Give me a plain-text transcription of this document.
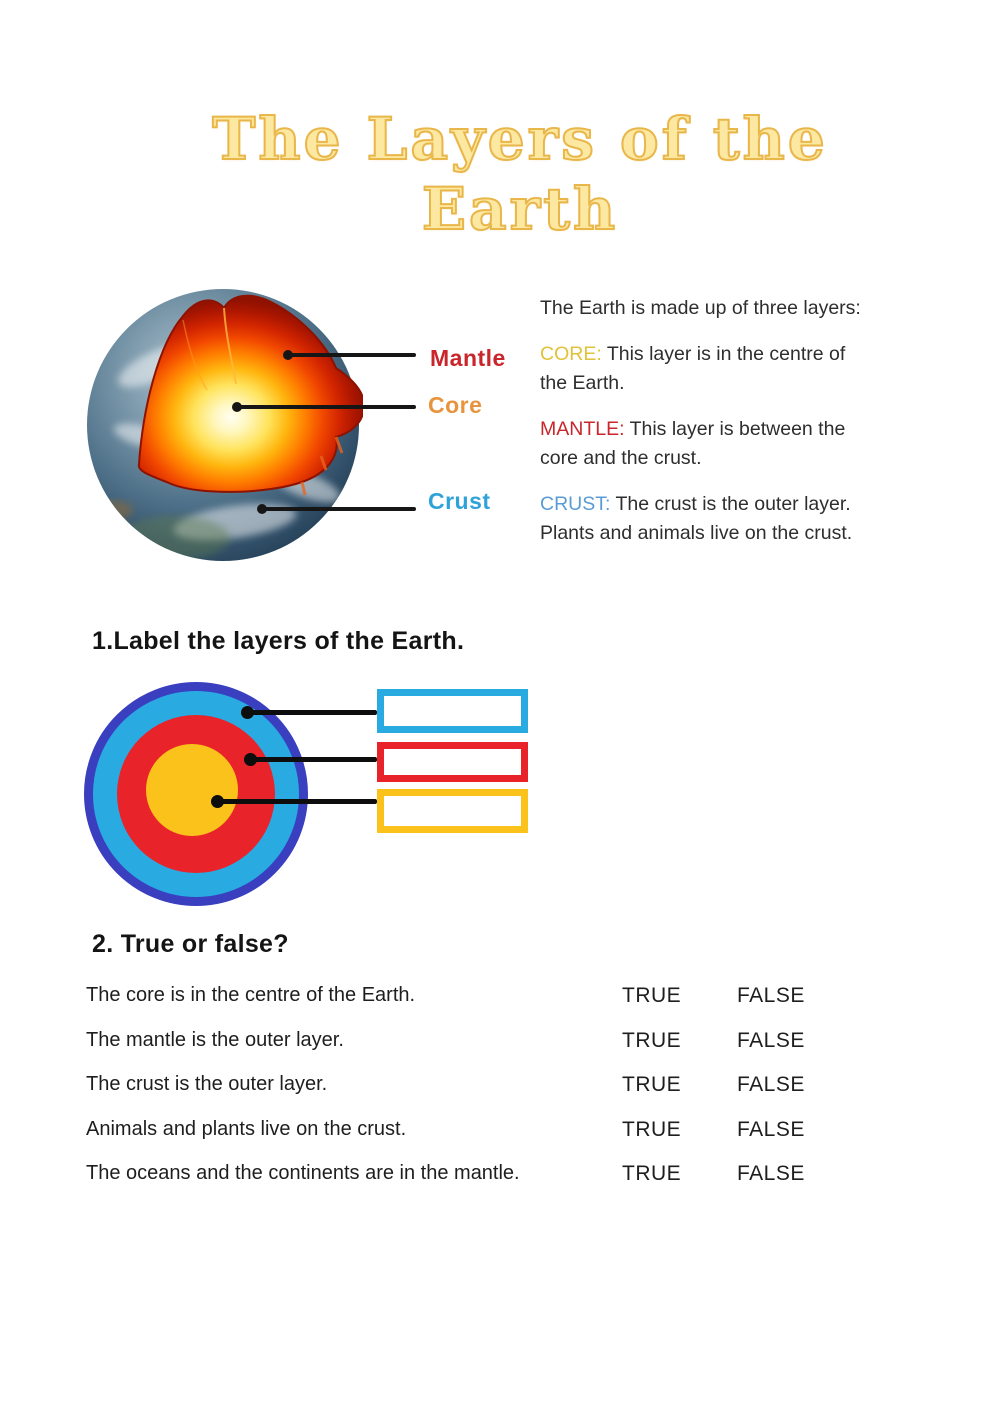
The Layers of the
Earth
Mantle
Core
Crust

The Earth is made up of three layers:

CORE: This layer is in the centre of
the Earth.

MANTLE: This layer is between the
core and the crust.

CRUST: The crust is the outer layer.
Plants and animals live on the crust.

1.Label the layers of the Earth.
2. True or false?
The core is in the centre of the Earth.	TRUE	FALSE
The mantle is the outer layer.	TRUE	FALSE
The crust is the outer layer.	TRUE	FALSE
Animals and plants live on the crust.	TRUE	FALSE
The oceans and the continents are in the mantle.	TRUE	FALSE
